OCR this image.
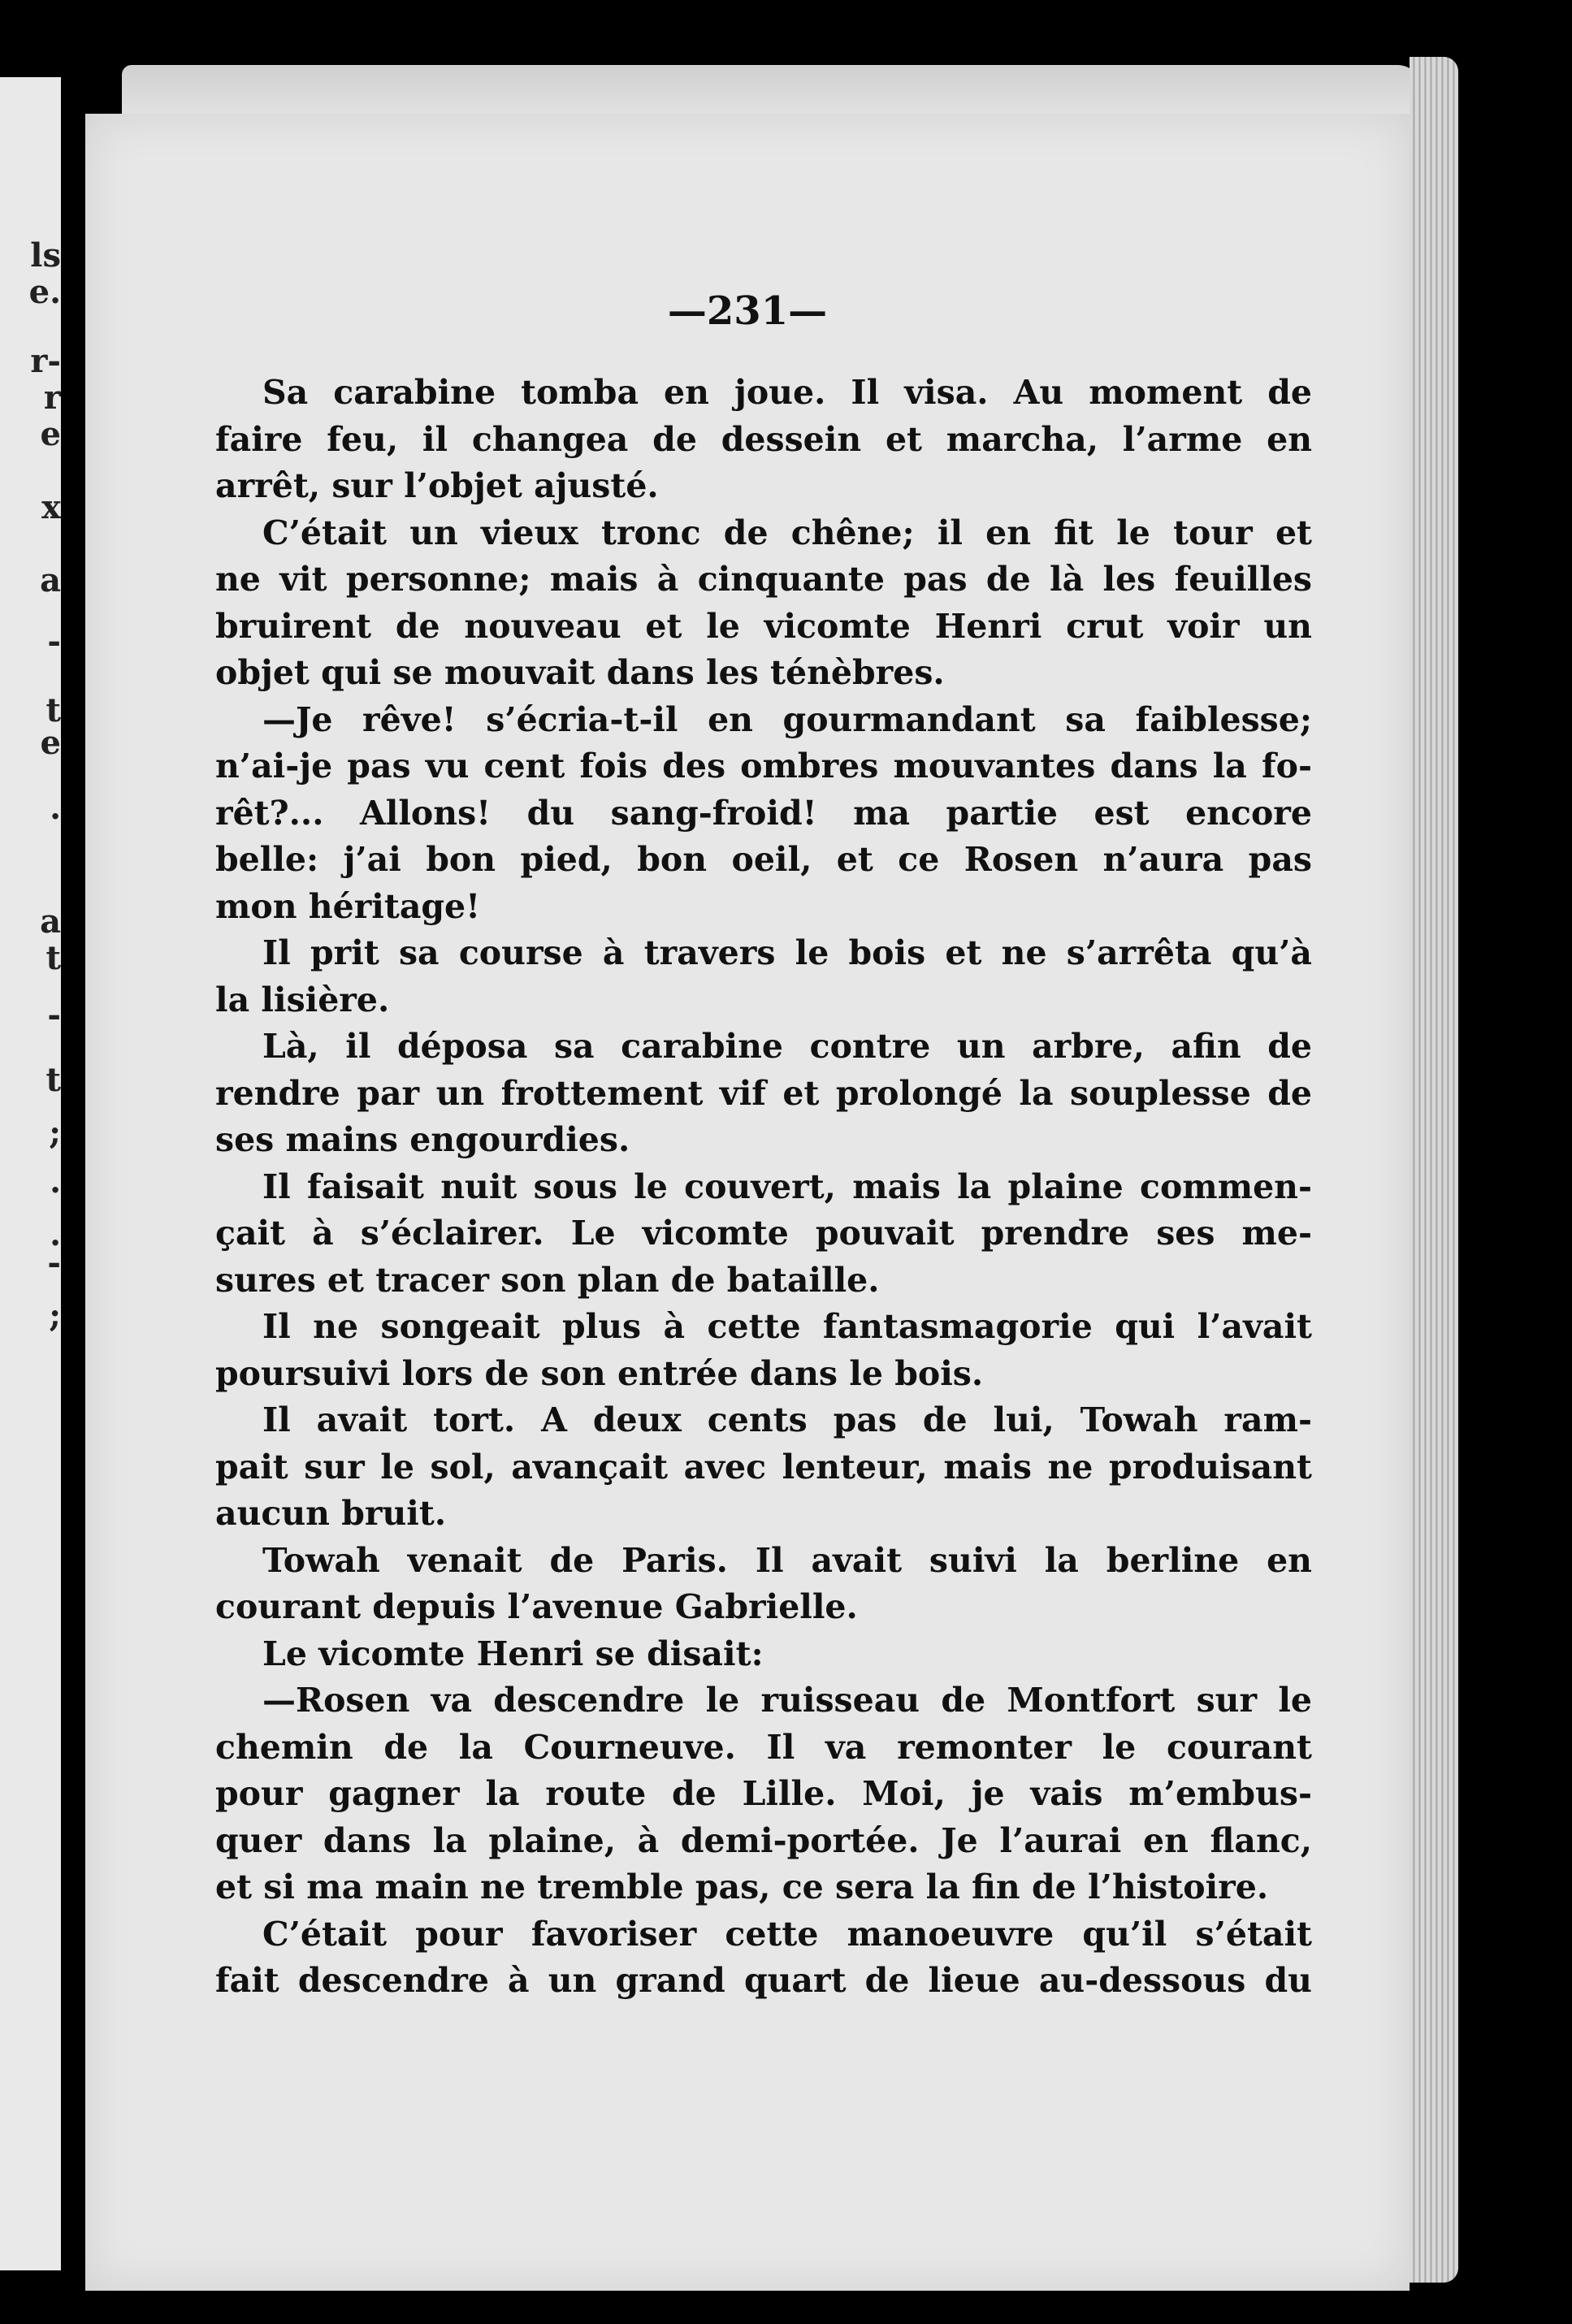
ls
e.
r-
r
e
x
a
-
t
e
.
a
t
-
t
;
.
.
-
;
—231—
Sa carabine tomba en joue. Il visa. Au moment de
faire feu, il changea de dessein et marcha, l’arme en
arrêt, sur l’objet ajusté.
C’était un vieux tronc de chêne; il en fit le tour et
ne vit personne; mais à cinquante pas de là les feuilles
bruirent de nouveau et le vicomte Henri crut voir un
objet qui se mouvait dans les ténèbres.
—Je rêve! s’écria-t-il en gourmandant sa faiblesse;
n’ai-je pas vu cent fois des ombres mouvantes dans la fo-
rêt?... Allons! du sang-froid! ma partie est encore
belle: j’ai bon pied, bon oeil, et ce Rosen n’aura pas
mon héritage!
Il prit sa course à travers le bois et ne s’arrêta qu’à
la lisière.
Là, il déposa sa carabine contre un arbre, afin de
rendre par un frottement vif et prolongé la souplesse de
ses mains engourdies.
Il faisait nuit sous le couvert, mais la plaine commen-
çait à s’éclairer. Le vicomte pouvait prendre ses me-
sures et tracer son plan de bataille.
Il ne songeait plus à cette fantasmagorie qui l’avait
poursuivi lors de son entrée dans le bois.
Il avait tort. A deux cents pas de lui, Towah ram-
pait sur le sol, avançait avec lenteur, mais ne produisant
aucun bruit.
Towah venait de Paris. Il avait suivi la berline en
courant depuis l’avenue Gabrielle.
Le vicomte Henri se disait:
—Rosen va descendre le ruisseau de Montfort sur le
chemin de la Courneuve. Il va remonter le courant
pour gagner la route de Lille. Moi, je vais m’embus-
quer dans la plaine, à demi-portée. Je l’aurai en flanc,
et si ma main ne tremble pas, ce sera la fin de l’histoire.
C’était pour favoriser cette manoeuvre qu’il s’était
fait descendre à un grand quart de lieue au-dessous du
